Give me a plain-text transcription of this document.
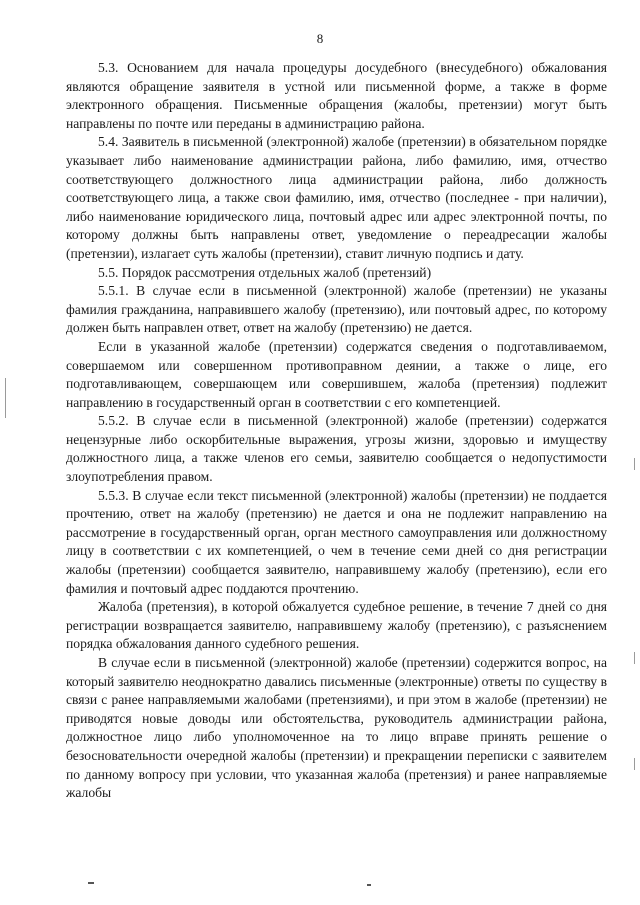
8

5.3. Основанием для начала процедуры досудебного (внесудебного) обжалования являются обращение заявителя в устной или письменной форме, а также в форме электронного обращения. Письменные обращения (жалобы, претензии) могут быть направлены по почте или переданы в администрацию района.

5.4. Заявитель в письменной (электронной) жалобе (претензии) в обязательном порядке указывает либо наименование администрации района, либо фамилию, имя, отчество соответствующего должностного лица администрации района, либо должность соответствующего лица, а также свои фамилию, имя, отчество (последнее - при наличии), либо наименование юридического лица, почтовый адрес или адрес электронной почты, по которому должны быть направлены ответ, уведомление о переадресации жалобы (претензии), излагает суть жалобы (претензии), ставит личную подпись и дату.

5.5. Порядок рассмотрения отдельных жалоб (претензий)

5.5.1. В случае если в письменной (электронной) жалобе (претензии) не указаны фамилия гражданина, направившего жалобу (претензию), или почтовый адрес, по которому должен быть направлен ответ, ответ на жалобу (претензию) не дается.

Если в указанной жалобе (претензии) содержатся сведения о подготавливаемом, совершаемом или совершенном противоправном деянии, а также о лице, его подготавливающем, совершающем или совершившем, жалоба (претензия) подлежит направлению в государственный орган в соответствии с его компетенцией.

5.5.2. В случае если в письменной (электронной) жалобе (претензии) содержатся нецензурные либо оскорбительные выражения, угрозы жизни, здоровью и имуществу должностного лица, а также членов его семьи, заявителю сообщается о недопустимости злоупотребления правом.

5.5.3. В случае если текст письменной (электронной) жалобы (претензии) не поддается прочтению, ответ на жалобу (претензию) не дается и она не подлежит направлению на рассмотрение в государственный орган, орган местного самоуправления или должностному лицу в соответствии с их компетенцией, о чем в течение семи дней со дня регистрации жалобы (претензии) сообщается заявителю, направившему жалобу (претензию), если его фамилия и почтовый адрес поддаются прочтению.

Жалоба (претензия), в которой обжалуется судебное решение, в течение 7 дней со дня регистрации возвращается заявителю, направившему жалобу (претензию), с разъяснением порядка обжалования данного судебного решения.

В случае если в письменной (электронной) жалобе (претензии) содержится вопрос, на который заявителю неоднократно давались письменные (электронные) ответы по существу в связи с ранее направляемыми жалобами (претензиями), и при этом в жалобе (претензии) не приводятся новые доводы или обстоятельства, руководитель администрации района, должностное лицо либо уполномоченное на то лицо вправе принять решение о безосновательности очередной жалобы (претензии) и прекращении переписки с заявителем по данному вопросу при условии, что указанная жалоба (претензия) и ранее направляемые жалобы
